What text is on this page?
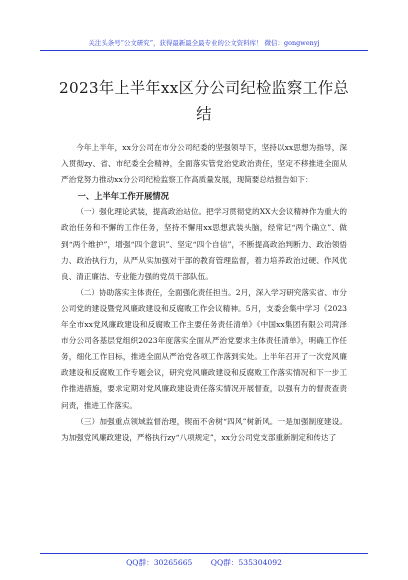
关注头条号“公文研究”，获得最新最全最专业的公文资料库！ 微信：gongwenyj
2023年上半年xx区分公司纪检监察工作总
结

今年上半年，xx分公司在市分公司纪委的坚强领导下，坚持以xx思想为指导，深入贯彻zy、省、市纪委全会精神，全面落实管党治党政治责任，坚定不移推进全面从严治党努力推动xx分公司纪检监察工作高质量发展，现简要总结报告如下：

一、上半年工作开展情况

（一）强化理论武装，提高政治站位。把学习贯彻党的XX大会议精神作为重大的政治任务和不懈的工作任务，坚持不懈用xx思想武装头脑，经常记“两个确立”、做到“两个维护”，增强“四个意识”、坚定“四个自信”，不断提高政治判断力、政治领悟力、政治执行力，从严从实加强对干部的教育管理监督，着力培养政治过硬、作风优良、清正廉洁、专业能力强的党员干部队伍。

（二）协助落实主体责任，全面强化责任担当。2月，深入学习研究落实省、市分公司党的建设暨党风廉政建设和反腐败工作会议精神。5月，支委会集中学习《2023年全市xx党风廉政建设和反腐败工作主要任务责任清单》《中国xx集团有限公司菏泽市分公司各基层党组织2023年度落实全面从严治党要求主体责任清单》，明确工作任务，细化工作目标，推进全面从严治党各项工作落到实处。上半年召开了一次党风廉政建设和反腐败工作专题会议，研究党风廉政建设和反腐败工作落实情况和下一步工作推进措施，要求定期对党风廉政建设责任落实情况开展督查，以强有力的督责查责问责，推进工作落实。

（三）加强重点领域监督治理，锲而不舍树“四风”树新风。一是加强制度建设。为加强党风廉政建设，严格执行zy“八项规定”，xx分公司党支部重新制定和传达了

QQ群：30265665 QQ群：535304092
